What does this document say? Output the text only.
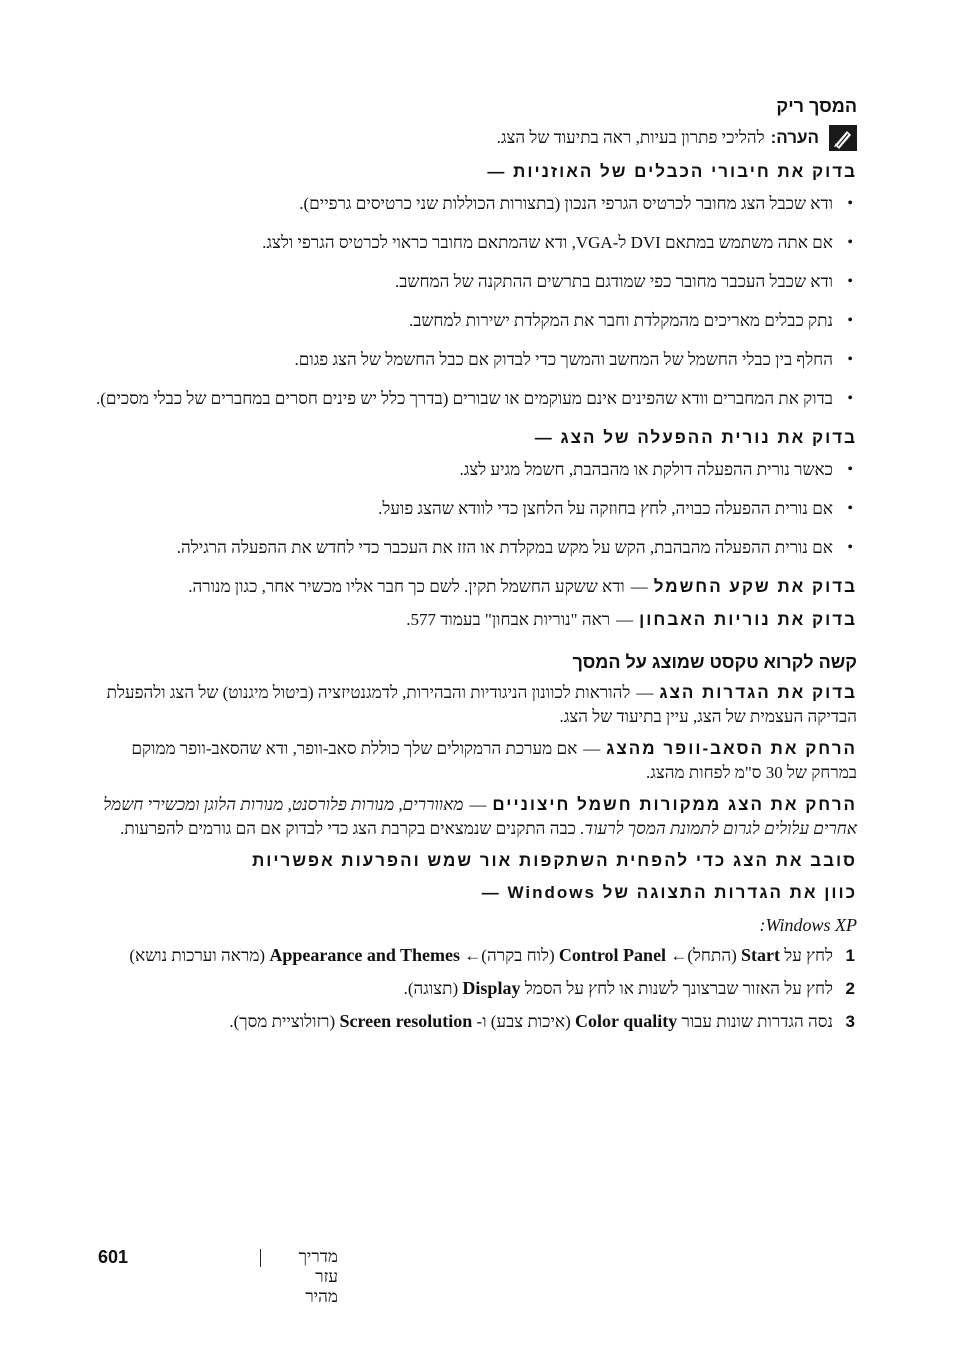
המסך ריק
הערה:
להליכי פתרון בעיות, ראה בתיעוד של הצג.
בדוק את חיבורי הכבלים של האוזניות —
• ודא שכבל הצג מחובר לכרטיס הגרפי הנכון (בתצורות הכוללות שני כרטיסים גרפיים).
• אם אתה משתמש במתאם DVI ל-VGA, ודא שהמתאם מחובר כראוי לכרטיס הגרפי ולצג.
• ודא שכבל העכבר מחובר כפי שמודגם בתרשים ההתקנה של המחשב.
• נתק כבלים מאריכים מהמקלדת וחבר את המקלדת ישירות למחשב.
• החלף בין כבלי החשמל של המחשב והמשך כדי לבדוק אם כבל החשמל של הצג פגום.
• בדוק את המחברים וודא שהפינים אינם מעוקמים או שבורים (בדרך כלל יש פינים חסרים במחברים של כבלי מסכים).
בדוק את נורית ההפעלה של הצג —
• כאשר נורית ההפעלה דולקת או מהבהבת, חשמל מגיע לצג.
• אם נורית ההפעלה כבויה, לחץ בחוזקה על הלחצן כדי לוודא שהצג פועל.
• אם נורית ההפעלה מהבהבת, הקש על מקש במקלדת או הזז את העכבר כדי לחדש את ההפעלה הרגילה.
בדוק את שקע החשמל—ודא ששקע החשמל תקין. לשם כך חבר אליו מכשיר אחר, כגון מנורה.
בדוק את נוריות האבחון—ראה "נוריות אבחון" בעמוד 577.
קשה לקרוא טקסט שמוצג על המסך
בדוק את הגדרות הצג—להוראות לכוונון הניגודיות והבהירות, לדמגנטיזציה (ביטול מיגנוט) של הצג ולהפעלת הבדיקה העצמית של הצג, עיין בתיעוד של הצג.
הרחק את הסאב-וופר מהצג—אם מערכת הרמקולים שלך כוללת סאב-וופר, ודא שהסאב-וופר ממוקם במרחק של 30 ס"מ לפחות מהצג.
הרחק את הצג ממקורות חשמל חיצוניים—מאווררים, מנורות פלורסנט, מנורות הלוגן ומכשירי חשמל אחרים עלולים לגרום לתמונת המסך לרעוד. כבה התקנים שנמצאים בקרבת הצג כדי לבדוק אם הם גורמים להפרעות.
סובב את הצג כדי להפחית השתקפות אור שמש והפרעות אפשריות
כוון את הגדרות התצוגה של Windows —
Windows XP:
1
לחץ על Start (התחל)← Control Panel (לוח בקרה)← Appearance and Themes (מראה וערכות נושא)
2
לחץ על האזור שברצונך לשנות או לחץ על הסמל Display (תצוגה).
3
נסה הגדרות שונות עבור Color quality (איכות צבע) ו- Screen resolution (רזולוציית מסך).
601	מדריך עזר מהיר
